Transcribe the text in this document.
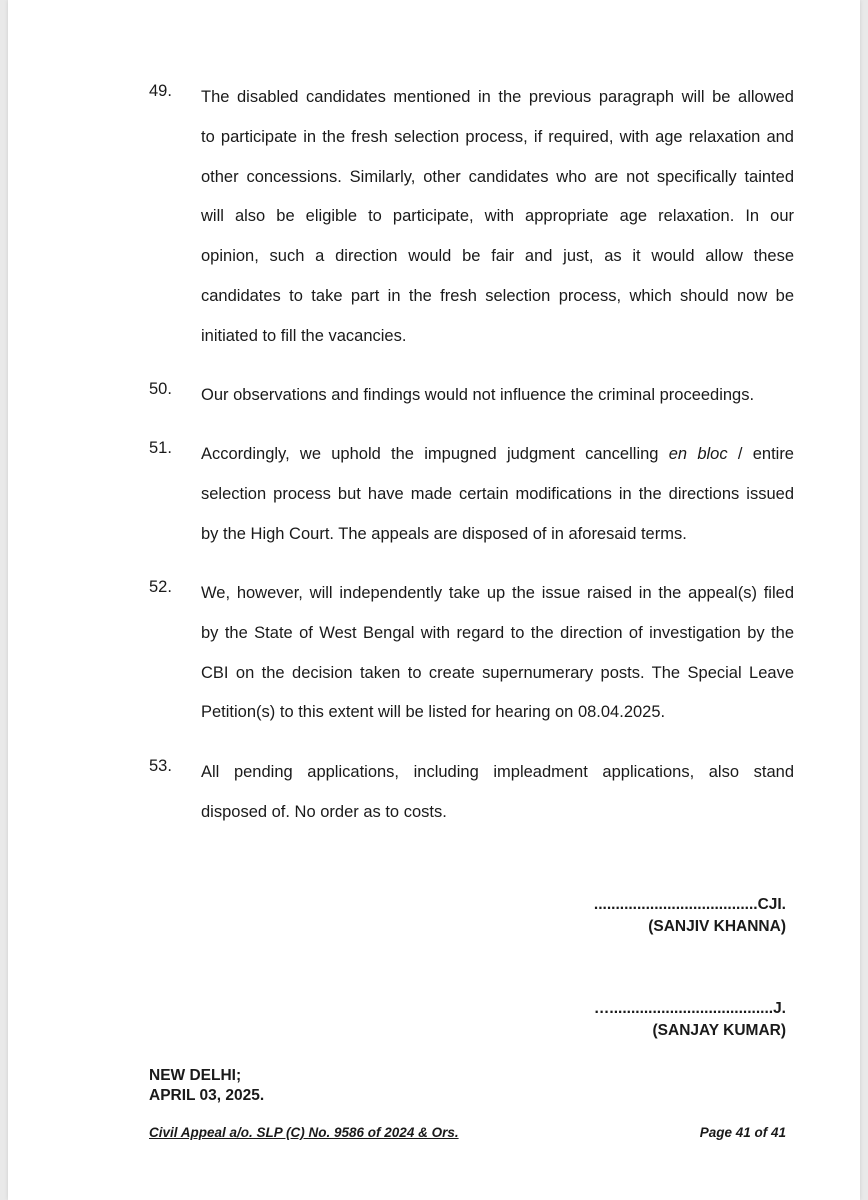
49. The disabled candidates mentioned in the previous paragraph will be allowed
to participate in the fresh selection process, if required, with age relaxation and
other concessions. Similarly, other candidates who are not specifically tainted
will also be eligible to participate, with appropriate age relaxation. In our
opinion, such a direction would be fair and just, as it would allow these
candidates to take part in the fresh selection process, which should now be
initiated to fill the vacancies.
50. Our observations and findings would not influence the criminal proceedings.
51. Accordingly, we uphold the impugned judgment cancelling en bloc / entire
selection process but have made certain modifications in the directions issued
by the High Court. The appeals are disposed of in aforesaid terms.
52. We, however, will independently take up the issue raised in the appeal(s) filed
by the State of West Bengal with regard to the direction of investigation by the
CBI on the decision taken to create supernumerary posts. The Special Leave
Petition(s) to this extent will be listed for hearing on 08.04.2025.
53. All pending applications, including impleadment applications, also stand
disposed of. No order as to costs.
......................................CJI.
(SANJIV KHANNA)
…......................................J.
(SANJAY KUMAR)
NEW DELHI;
APRIL 03, 2025.
Civil Appeal a/o. SLP (C) No. 9586 of 2024 & Ors.	Page 41 of 41
